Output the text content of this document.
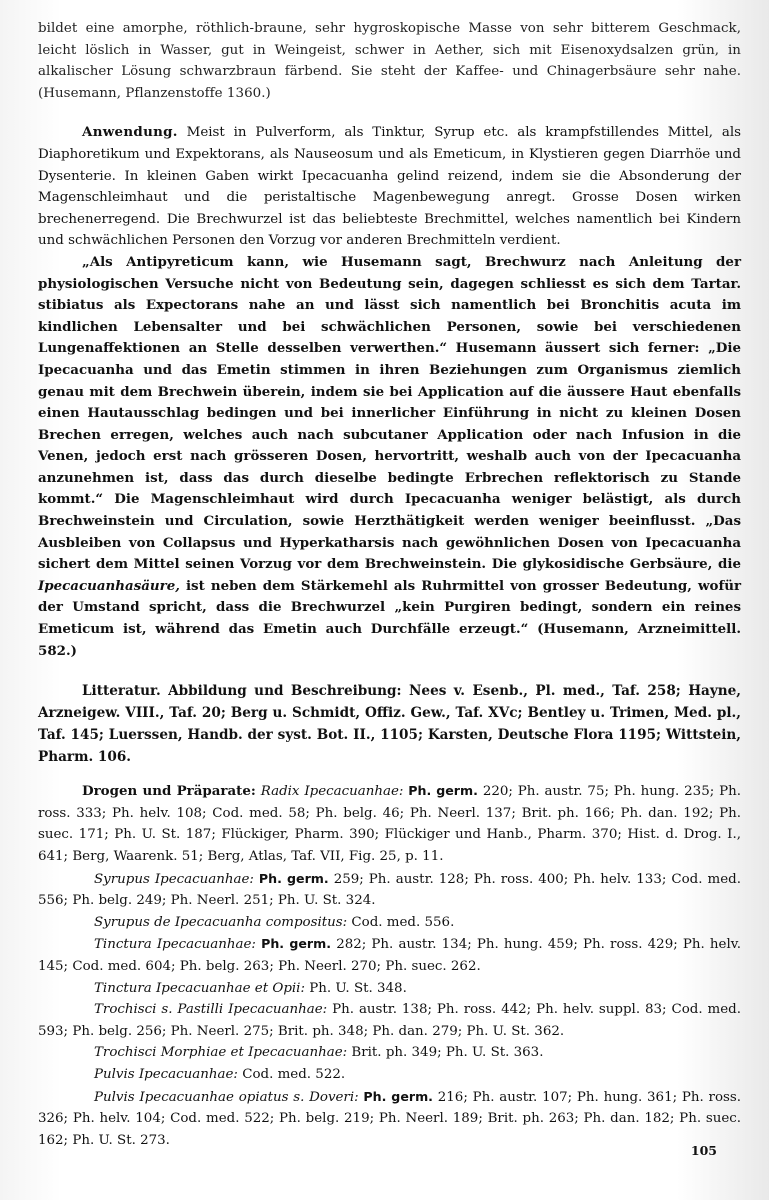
bildet eine amorphe, röthlich-braune, sehr hygroskopische Masse von sehr bitterem Geschmack, leicht löslich in Wasser, gut in Weingeist, schwer in Aether, sich mit Eisenoxydsalzen grün, in alkalischer Lösung schwarzbraun färbend. Sie steht der Kaffee- und Chinagerbsäure sehr nahe. (Husemann, Pflanzenstoffe 1360.)

Anwendung. Meist in Pulverform, als Tinktur, Syrup etc. als krampfstillendes Mittel, als Diaphoretikum und Expektorans, als Nauseosum und als Emeticum, in Klystieren gegen Diarrhöe und Dysenterie. In kleinen Gaben wirkt Ipecacuanha gelind reizend, indem sie die Absonderung der Magenschleimhaut und die peristaltische Magenbewegung anregt. Grosse Dosen wirken brechenerregend. Die Brechwurzel ist das beliebteste Brechmittel, welches namentlich bei Kindern und schwächlichen Personen den Vorzug vor anderen Brechmitteln verdient.

„Als Antipyreticum kann, wie Husemann sagt, Brechwurz nach Anleitung der physiologischen Versuche nicht von Bedeutung sein, dagegen schliesst es sich dem Tartar. stibiatus als Expectorans nahe an und lässt sich namentlich bei Bronchitis acuta im kindlichen Lebensalter und bei schwächlichen Personen, sowie bei verschiedenen Lungenaffektionen an Stelle desselben verwerthen.“ Husemann äussert sich ferner: „Die Ipecacuanha und das Emetin stimmen in ihren Beziehungen zum Organismus ziemlich genau mit dem Brechwein überein, indem sie bei Application auf die äussere Haut ebenfalls einen Hautausschlag bedingen und bei innerlicher Einführung in nicht zu kleinen Dosen Brechen erregen, welches auch nach subcutaner Application oder nach Infusion in die Venen, jedoch erst nach grösseren Dosen, hervortritt, weshalb auch von der Ipecacuanha anzunehmen ist, dass das durch dieselbe bedingte Erbrechen reflektorisch zu Stande kommt.“ Die Magenschleimhaut wird durch Ipecacuanha weniger belästigt, als durch Brechweinstein und Circulation, sowie Herzthätigkeit werden weniger beeinflusst. „Das Ausbleiben von Collapsus und Hyperkatharsis nach gewöhnlichen Dosen von Ipecacuanha sichert dem Mittel seinen Vorzug vor dem Brechweinstein. Die glykosidische Gerbsäure, die Ipecacuanhasäure, ist neben dem Stärkemehl als Ruhrmittel von grosser Bedeutung, wofür der Umstand spricht, dass die Brechwurzel „kein Purgiren bedingt, sondern ein reines Emeticum ist, während das Emetin auch Durchfälle erzeugt.“ (Husemann, Arzneimittell. 582.)

Litteratur. Abbildung und Beschreibung: Nees v. Esenb., Pl. med., Taf. 258; Hayne, Arzneigew. VIII., Taf. 20; Berg u. Schmidt, Offiz. Gew., Taf. XVc; Bentley u. Trimen, Med. pl., Taf. 145; Luerssen, Handb. der syst. Bot. II., 1105; Karsten, Deutsche Flora 1195; Wittstein, Pharm. 106.

Drogen und Präparate: Radix Ipecacuanhae: Ph. germ. 220; Ph. austr. 75; Ph. hung. 235; Ph. ross. 333; Ph. helv. 108; Cod. med. 58; Ph. belg. 46; Ph. Neerl. 137; Brit. ph. 166; Ph. dan. 192; Ph. suec. 171; Ph. U. St. 187; Flückiger, Pharm. 390; Flückiger und Hanb., Pharm. 370; Hist. d. Drog. I., 641; Berg, Waarenk. 51; Berg, Atlas, Taf. VII, Fig. 25, p. 11.

Syrupus Ipecacuanhae: Ph. germ. 259; Ph. austr. 128; Ph. ross. 400; Ph. helv. 133; Cod. med. 556; Ph. belg. 249; Ph. Neerl. 251; Ph. U. St. 324.

Syrupus de Ipecacuanha compositus: Cod. med. 556.

Tinctura Ipecacuanhae: Ph. germ. 282; Ph. austr. 134; Ph. hung. 459; Ph. ross. 429; Ph. helv. 145; Cod. med. 604; Ph. belg. 263; Ph. Neerl. 270; Ph. suec. 262.

Tinctura Ipecacuanhae et Opii: Ph. U. St. 348.

Trochisci s. Pastilli Ipecacuanhae: Ph. austr. 138; Ph. ross. 442; Ph. helv. suppl. 83; Cod. med. 593; Ph. belg. 256; Ph. Neerl. 275; Brit. ph. 348; Ph. dan. 279; Ph. U. St. 362.

Trochisci Morphiae et Ipecacuanhae: Brit. ph. 349; Ph. U. St. 363.

Pulvis Ipecacuanhae: Cod. med. 522.

Pulvis Ipecacuanhae opiatus s. Doveri: Ph. germ. 216; Ph. austr. 107; Ph. hung. 361; Ph. ross. 326; Ph. helv. 104; Cod. med. 522; Ph. belg. 219; Ph. Neerl. 189; Brit. ph. 263; Ph. dan. 182; Ph. suec. 162; Ph. U. St. 273.

105
